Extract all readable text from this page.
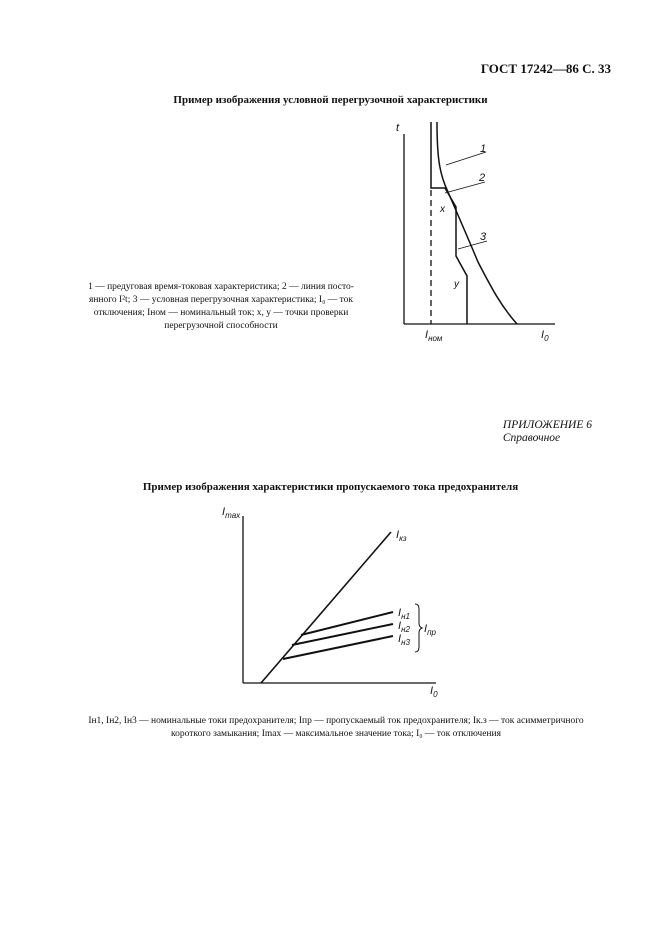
ГОСТ 17242—86 С. 33
Пример изображения условной перегрузочной характеристики
t
1
2
3
x
y
$I_{ном}$	$I_0$

1 — предуговая время-токовая характеристика; 2 — линия посто-

янного I²t; 3 — условная перегрузочная характеристика; I₀ — ток

отключения; Iном — номинальный ток; x, y — точки проверки

перегрузочной способности

ПРИЛОЖЕНИЕ 6
Справочное
Пример изображения характеристики пропускаемого тока предохранителя
$I_{max}$
$I_0$
$I_{кз}$
$I_{н1}$
$I_{н2}$
$I_{н3}$
$I_{пр}$
Iн1, Iн2, Iн3 — номинальные токи предохранителя; Iпр — пропускаемый ток предохранителя; Iк.з — ток асимметричного
короткого замыкания; Imax — максимальное значение тока; I₀ — ток отключения
